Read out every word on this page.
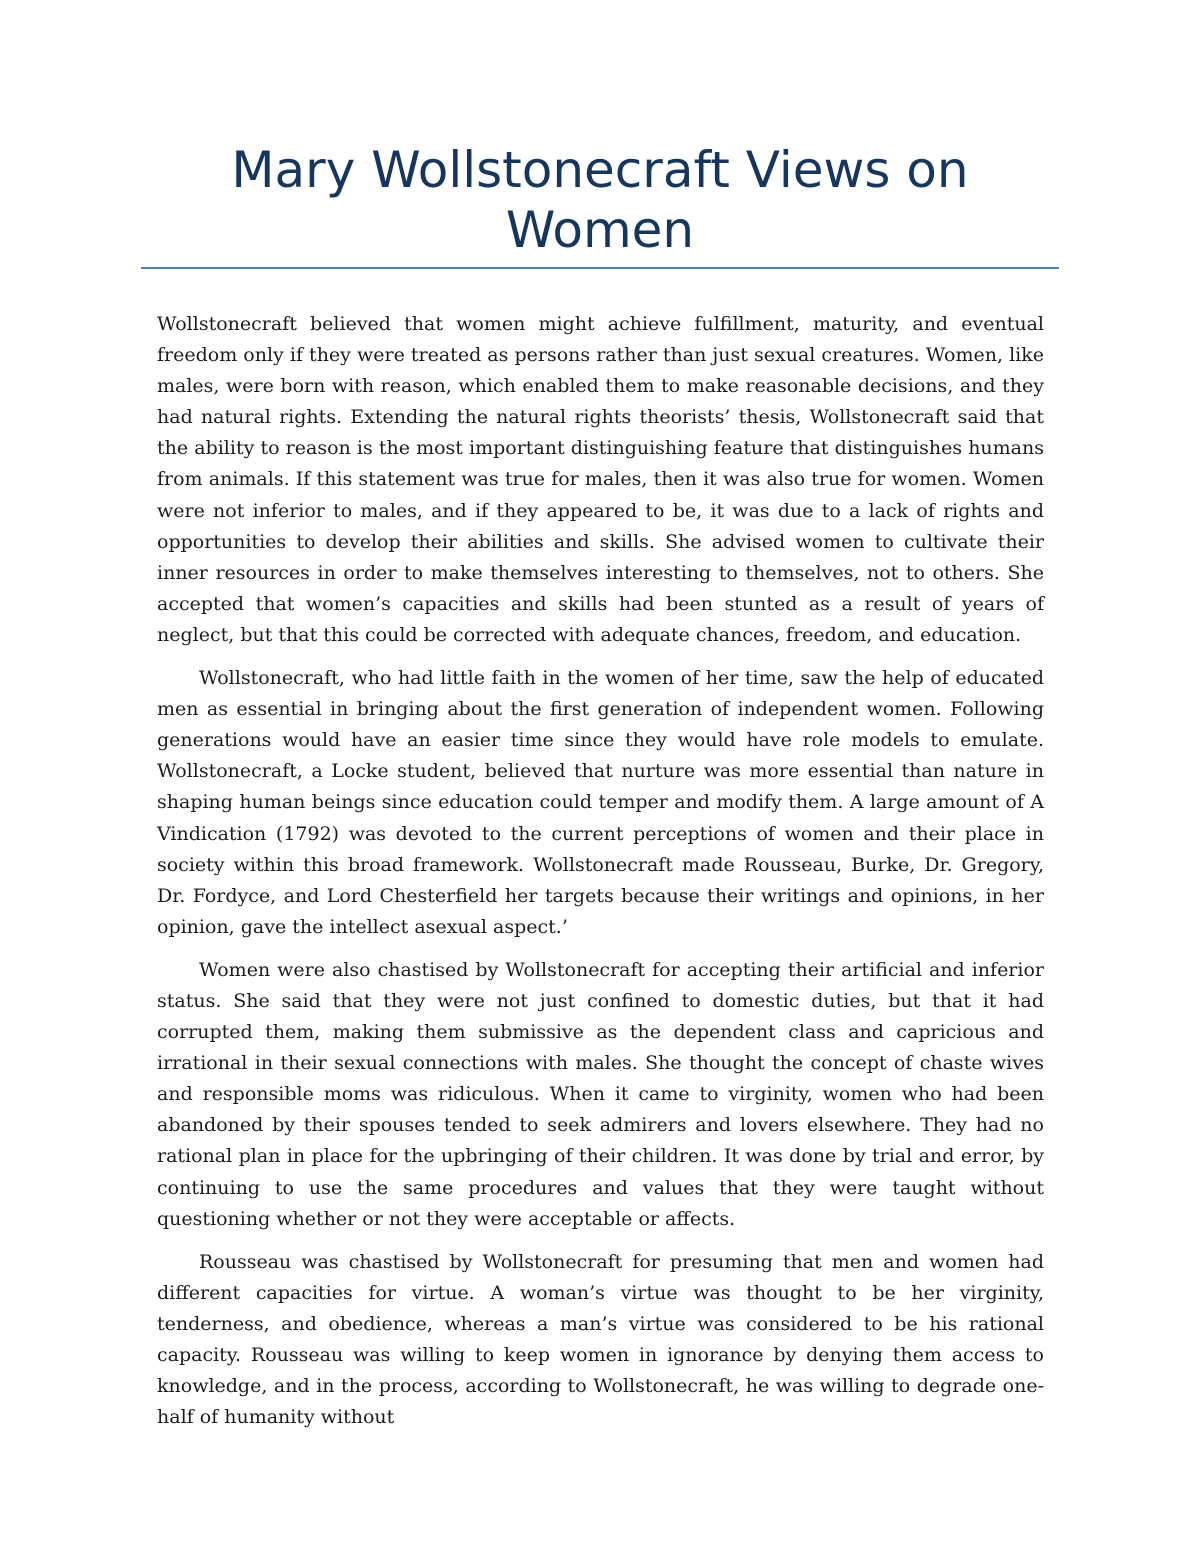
Mary Wollstonecraft Views on Women

Wollstonecraft believed that women might achieve fulfillment, maturity, and eventual freedom only if they were treated as persons rather than just sexual creatures. Women, like males, were born with reason, which enabled them to make reasonable decisions, and they had natural rights. Extending the natural rights theorists’ thesis, Wollstonecraft said that the ability to reason is the most important distinguishing feature that distinguishes humans from animals. If this statement was true for males, then it was also true for women. Women were not inferior to males, and if they appeared to be, it was due to a lack of rights and opportunities to develop their abilities and skills. She advised women to cultivate their inner resources in order to make themselves interesting to themselves, not to others. She accepted that women’s capacities and skills had been stunted as a result of years of neglect, but that this could be corrected with adequate chances, freedom, and education.

Wollstonecraft, who had little faith in the women of her time, saw the help of educated men as essential in bringing about the first generation of independent women. Following generations would have an easier time since they would have role models to emulate. Wollstonecraft, a Locke student, believed that nurture was more essential than nature in shaping human beings since education could temper and modify them. A large amount of A Vindication (1792) was devoted to the current perceptions of women and their place in society within this broad framework. Wollstonecraft made Rousseau, Burke, Dr. Gregory, Dr. Fordyce, and Lord Chesterfield her targets because their writings and opinions, in her opinion, gave the intellect asexual aspect.’

Women were also chastised by Wollstonecraft for accepting their artificial and inferior status. She said that they were not just confined to domestic duties, but that it had corrupted them, making them submissive as the dependent class and capricious and irrational in their sexual connections with males. She thought the concept of chaste wives and responsible moms was ridiculous. When it came to virginity, women who had been abandoned by their spouses tended to seek admirers and lovers elsewhere. They had no rational plan in place for the upbringing of their children. It was done by trial and error, by continuing to use the same procedures and values that they were taught without questioning whether or not they were acceptable or affects.

Rousseau was chastised by Wollstonecraft for presuming that men and women had different capacities for virtue. A woman’s virtue was thought to be her virginity, tenderness, and obedience, whereas a man’s virtue was considered to be his rational capacity. Rousseau was willing to keep women in ignorance by denying them access to knowledge, and in the process, according to Wollstonecraft, he was willing to degrade one-half of humanity without
